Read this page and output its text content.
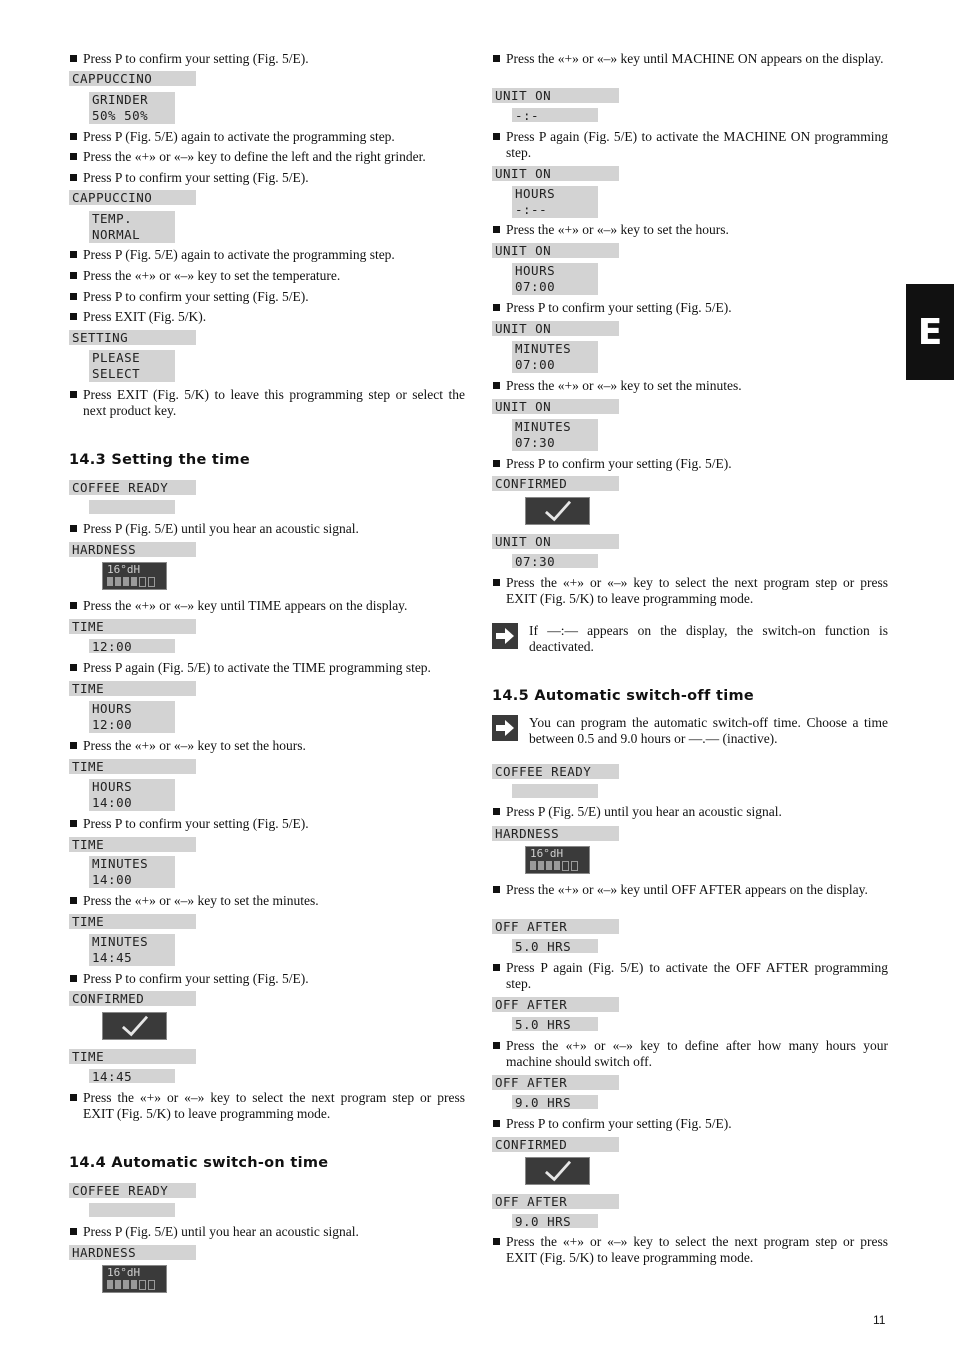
Press P to confirm your setting (Fig. 5/E).
CAPPUCCINO
GRINDER
50% 50%
Press P (Fig. 5/E) again to activate the programming step.
Press the «+» or «–» key to define the left and the right grinder.
Press P to confirm your setting (Fig. 5/E).
CAPPUCCINO
TEMP.
NORMAL
Press P (Fig. 5/E) again to activate the programming step.
Press the «+» or «–» key to set the temperature.
Press P to confirm your setting (Fig. 5/E).
Press EXIT (Fig. 5/K).
SETTING
PLEASE
SELECT
Press EXIT (Fig. 5/K) to leave this programming step or select the next product key.
14.3 Setting the time
COFFEE READY
Press P (Fig. 5/E) until you hear an acoustic signal.
HARDNESS
16°dH
Press the «+» or «–» key until TIME appears on the display.
TIME
12:00
Press P again (Fig. 5/E) to activate the TIME programming step.
TIME
HOURS
12:00
Press the «+» or «–» key to set the hours.
TIME
HOURS
14:00
Press P to confirm your setting (Fig. 5/E).
TIME
MINUTES
14:00
Press the «+» or «–» key to set the minutes.
TIME
MINUTES
14:45
Press P to confirm your setting (Fig. 5/E).
CONFIRMED
TIME
14:45
Press the «+» or «–» key to select the next program step or press EXIT (Fig. 5/K) to leave programming mode.
14.4 Automatic switch-on time
COFFEE READY
Press P (Fig. 5/E) until you hear an acoustic signal.
HARDNESS
16°dH
Press the «+» or «–» key until MACHINE ON appears on the display.
UNIT ON
-:-
Press P again (Fig. 5/E) to activate the MACHINE ON programming step.
UNIT ON
HOURS
-:--
Press the «+» or «–» key to set the hours.
UNIT ON
HOURS
07:00
Press P to confirm your setting (Fig. 5/E).
UNIT ON
MINUTES
07:00
Press the «+» or «–» key to set the minutes.
UNIT ON
MINUTES
07:30
Press P to confirm your setting (Fig. 5/E).
CONFIRMED
UNIT ON
07:30
Press the «+» or «–» key to select the next program step or press EXIT (Fig. 5/K) to leave programming mode.

If —:— appears on the display, the switch-on function is deactivated.

14.5 Automatic switch-off time

You can program the automatic switch-off time. Choose a time between 0.5 and 9.0 hours or —.— (inactive).

COFFEE READY
Press P (Fig. 5/E) until you hear an acoustic signal.
HARDNESS
16°dH
Press the «+» or «–» key until OFF AFTER appears on the display.
OFF AFTER
5.0 HRS
Press P again (Fig. 5/E) to activate the OFF AFTER programming step.
OFF AFTER
5.0 HRS
Press the «+» or «–» key to define after how many hours your machine should switch off.
OFF AFTER
9.0 HRS
Press P to confirm your setting (Fig. 5/E).
CONFIRMED
OFF AFTER
9.0 HRS
Press the «+» or «–» key to select the next program step or press EXIT (Fig. 5/K) to leave programming mode.
E
11
